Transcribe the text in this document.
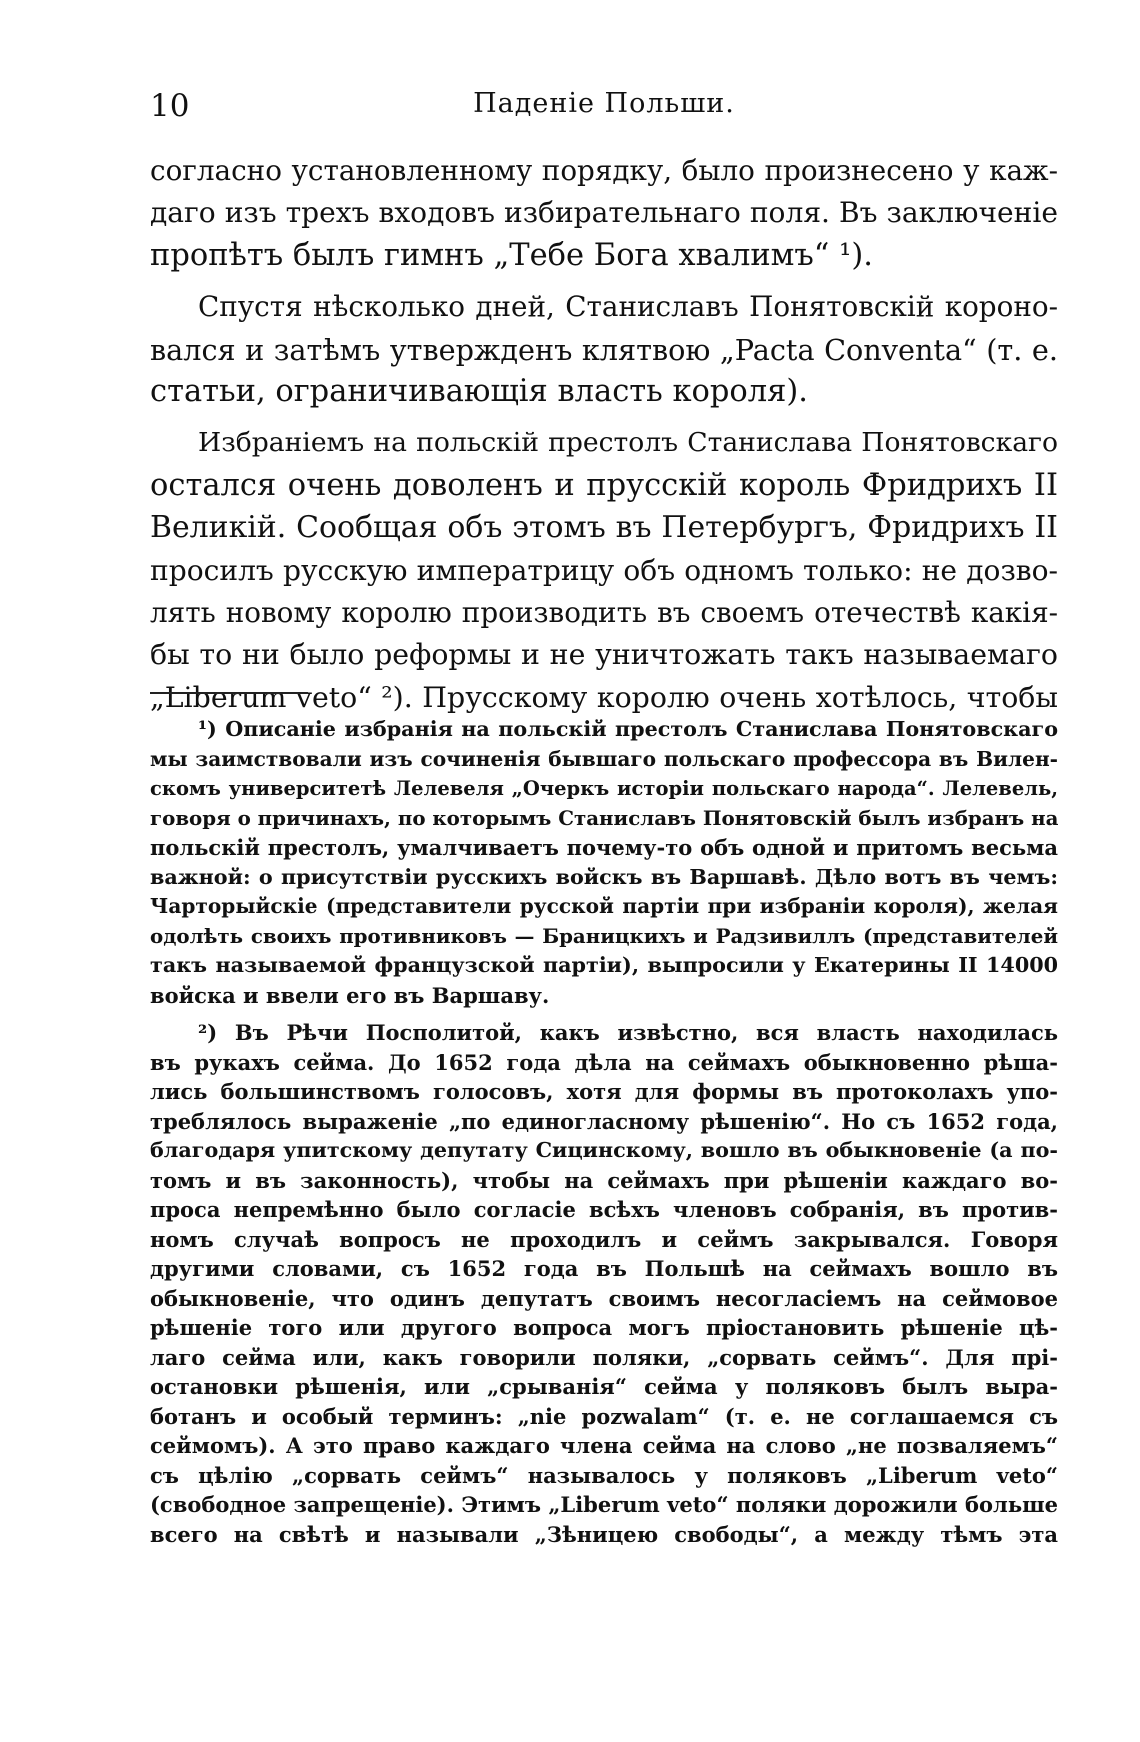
10	Паденіе Польши.
согласно установленному порядку, было произнесено у каж-
даго изъ трехъ входовъ избирательнаго поля. Въ заключеніе
пропѣтъ былъ гимнъ „Тебе Бога хвалимъ“ ¹).
Спустя нѣсколько дней, Станиславъ Понятовскій короно-
вался и затѣмъ утвержденъ клятвою „Pacta Conventa“ (т. е.
статьи, ограничивающія власть короля).
Избраніемъ на польскій престолъ Станислава Понятовскаго
остался очень доволенъ и прусскій король Фридрихъ II
Великій. Сообщая объ этомъ въ Петербургъ, Фридрихъ II
просилъ русскую императрицу объ одномъ только: не дозво-
лять новому королю производить въ своемъ отечествѣ какія-
бы то ни было реформы и не уничтожать такъ называемаго
„Liberum veto“ ²). Прусскому королю очень хотѣлось, чтобы
¹) Описаніе избранія на польскій престолъ Станислава Понятовскаго
мы заимствовали изъ сочиненія бывшаго польскаго профессора въ Вилен-
скомъ университетѣ Лелевеля „Очеркъ исторіи польскаго народа“. Лелевель,
говоря о причинахъ, по которымъ Станиславъ Понятовскій былъ избранъ на
польскій престолъ, умалчиваетъ почему-то объ одной и притомъ весьма
важной: о присутствіи русскихъ войскъ въ Варшавѣ. Дѣло вотъ въ чемъ:
Чарторыйскіе (представители русской партіи при избраніи короля), желая
одолѣть своихъ противниковъ — Браницкихъ и Радзивиллъ (представителей
такъ называемой французской партіи), выпросили у Екатерины II 14000
войска и ввели его въ Варшаву.
²) Въ Рѣчи Посполитой, какъ извѣстно, вся власть находилась
въ рукахъ сейма. До 1652 года дѣла на сеймахъ обыкновенно рѣша-
лись большинствомъ голосовъ, хотя для формы въ протоколахъ упо-
треблялось выраженіе „по единогласному рѣшенію“. Но съ 1652 года,
благодаря упитскому депутату Сицинскому, вошло въ обыкновеніе (а по-
томъ и въ законность), чтобы на сеймахъ при рѣшеніи каждаго во-
проса непремѣнно было согласіе всѣхъ членовъ собранія, въ против-
номъ случаѣ вопросъ не проходилъ и сеймъ закрывался. Говоря
другими словами, съ 1652 года въ Польшѣ на сеймахъ вошло въ
обыкновеніе, что одинъ депутатъ своимъ несогласіемъ на сеймовое
рѣшеніе того или другого вопроса могъ пріостановить рѣшеніе цѣ-
лаго сейма или, какъ говорили поляки, „сорвать сеймъ“. Для прі-
остановки рѣшенія, или „срыванія“ сейма у поляковъ былъ выра-
ботанъ и особый терминъ: „nie pozwalam“ (т. е. не соглашаемся съ
сеймомъ). А это право каждаго члена сейма на слово „не позваляемъ“
съ цѣлію „сорвать сеймъ“ называлось у поляковъ „Liberum veto“
(свободное запрещеніе). Этимъ „Liberum veto“ поляки дорожили больше
всего на свѣтѣ и называли „Зѣницею свободы“, а между тѣмъ эта
